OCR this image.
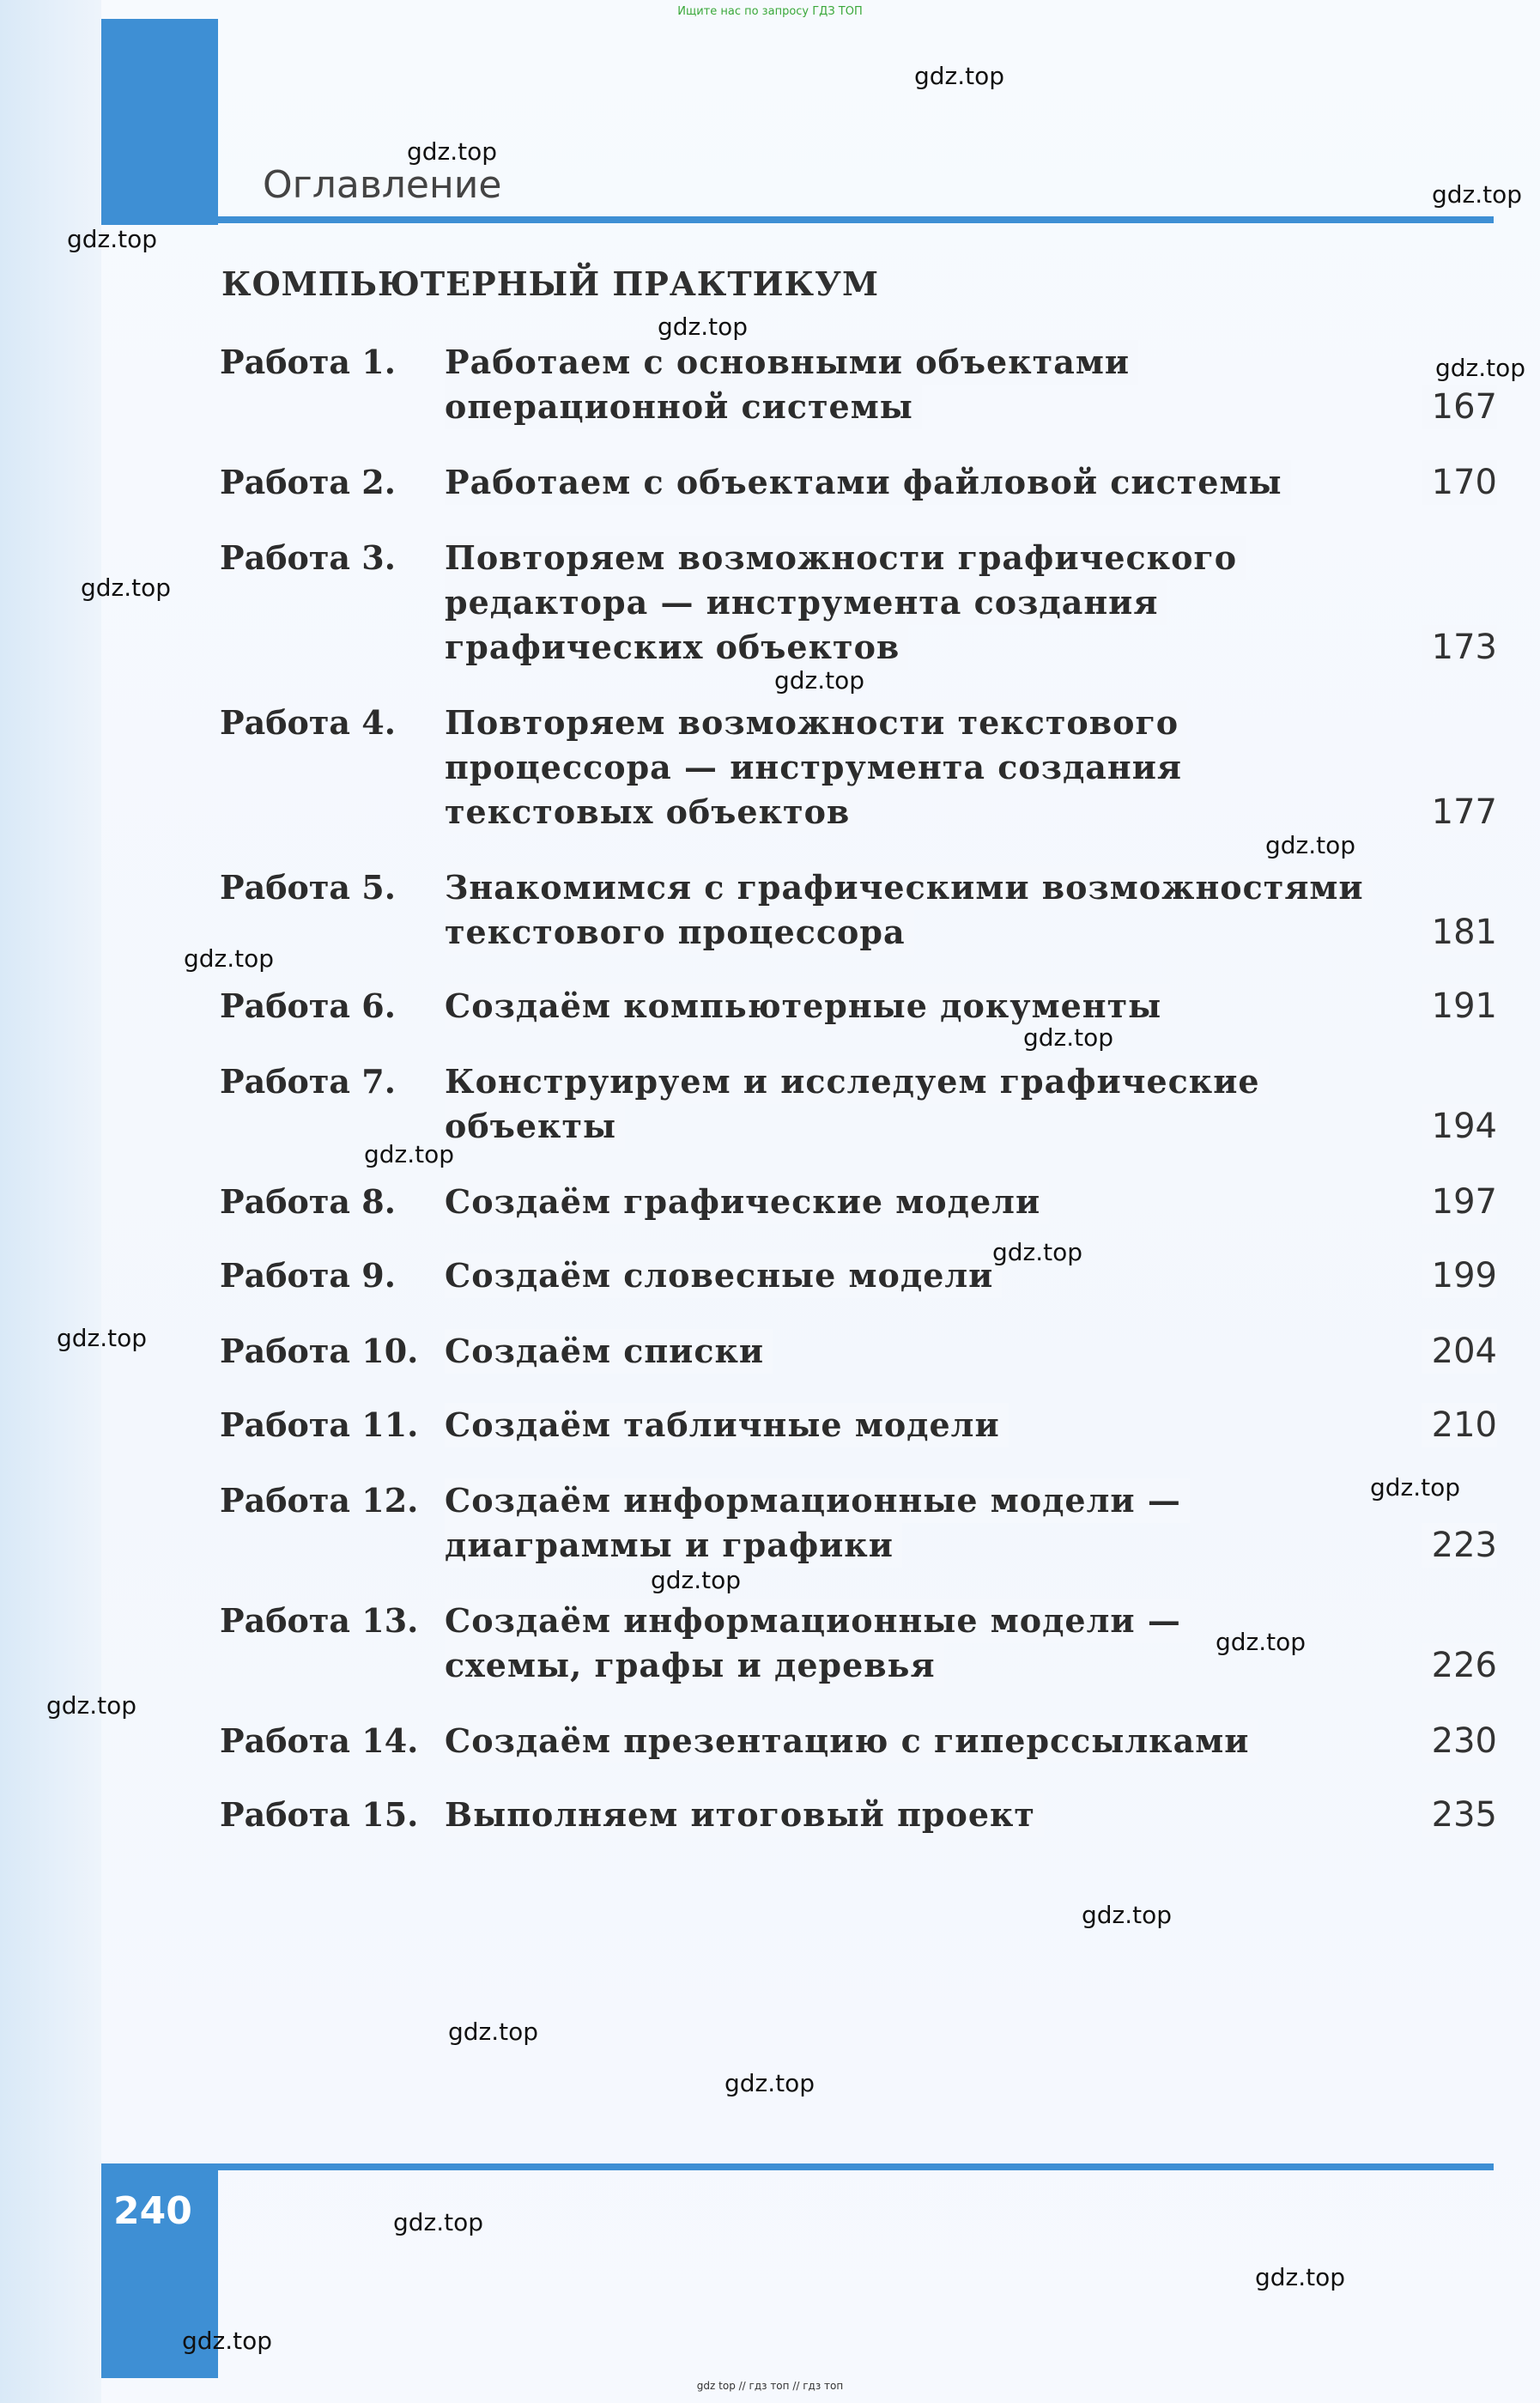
Ищите нас по запросу ГДЗ ТОП
Оглавление
КОМПЬЮТЕРНЫЙ ПРАКТИКУМ
Работа 1. Работаем с основными объектами
операционной системы	167
Работа 2. Работаем с объектами файловой системы	170
Работа 3. Повторяем возможности графического
редактора — инструмента создания
графических объектов	173
Работа 4. Повторяем возможности текстового
процессора — инструмента создания
текстовых объектов	177
Работа 5. Знакомимся с графическими возможностями
текстового процессора	181
Работа 6. Создаём компьютерные документы	191
Работа 7. Конструируем и исследуем графические
объекты	194
Работа 8. Создаём графические модели	197
Работа 9. Создаём словесные модели	199
Работа 10. Создаём списки	204
Работа 11. Создаём табличные модели	210
Работа 12. Создаём информационные модели —
диаграммы и графики	223
Работа 13. Создаём информационные модели —
схемы, графы и деревья	226
Работа 14. Создаём презентацию с гиперссылками	230
Работа 15. Выполняем итоговый проект	235
240
gdz.top
gdz.top
gdz.top
gdz.top
gdz.top
gdz.top
gdz.top
gdz.top
gdz.top
gdz.top
gdz.top
gdz.top
gdz.top
gdz.top
gdz.top
gdz.top
gdz.top
gdz.top
gdz.top
gdz.top
gdz.top
gdz.top
gdz.top
gdz.top
gdz top // гдз топ // гдз топ
